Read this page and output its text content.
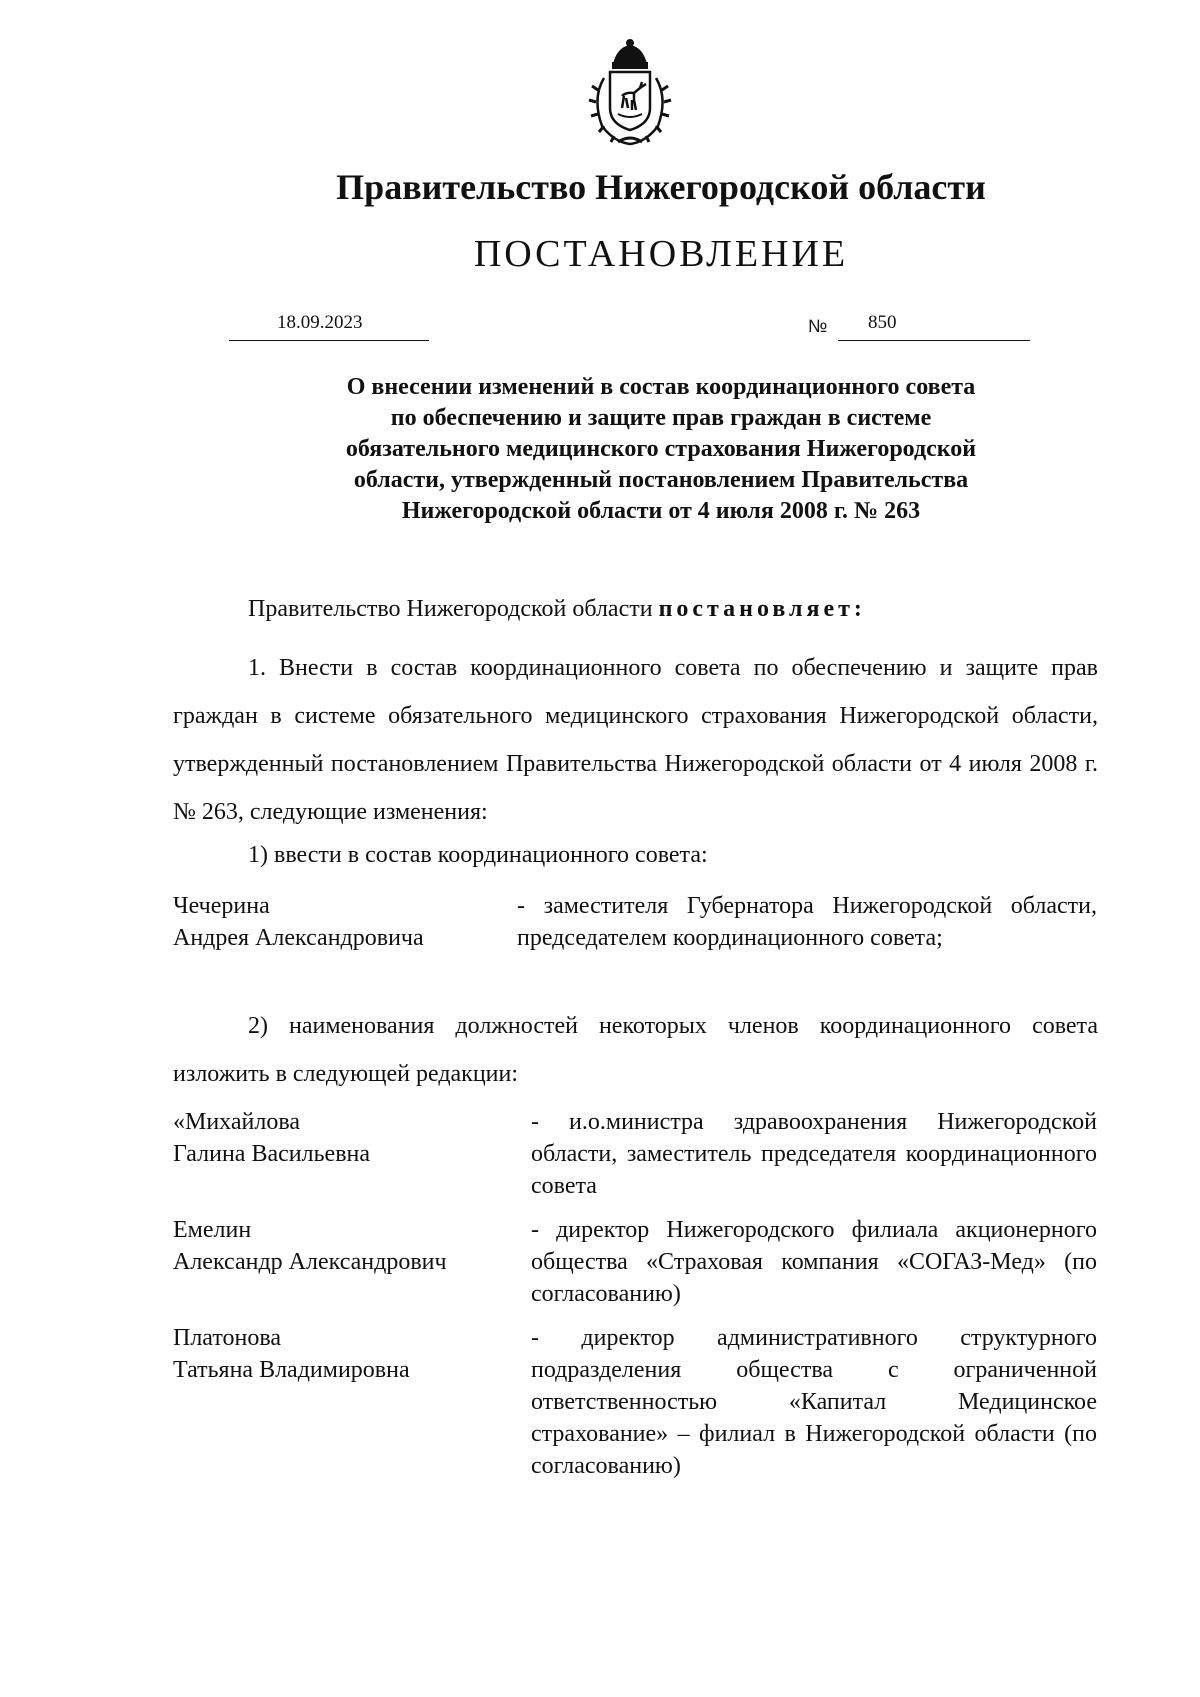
Правительство Нижегородской области
ПОСТАНОВЛЕНИЕ
18.09.2023	№ 850
О внесении изменений в состав координационного совета
по обеспечению и защите прав граждан в системе
обязательного медицинского страхования Нижегородской
области, утвержденный постановлением Правительства
Нижегородской области от 4 июля 2008 г. № 263
Правительство Нижегородской области постановляет:

1. Внести в состав координационного совета по обеспечению и защите прав граждан в системе обязательного медицинского страхования Нижегородской области, утвержденный постановлением Правительства Нижегородской области от 4 июля 2008 г. № 263, следующие изменения:

1) ввести в состав координационного совета:
Чечерина
Андрея Александровича
- заместителя Губернатора Нижегородской области, председателем координационного совета;

2) наименования должностей некоторых членов координационного совета изложить в следующей редакции:

«Михайлова
Галина Васильевна
- и.о.министра здравоохранения Нижегородской области, заместитель председателя координационного совета
Емелин
Александр Александрович
- директор Нижегородского филиала акционерного общества «Страховая компания «СОГАЗ-Мед» (по согласованию)
Платонова
Татьяна Владимировна
- директор административного структурного подразделения общества с ограниченной ответственностью «Капитал Медицинское страхование» – филиал в Нижегородской области (по согласованию)
